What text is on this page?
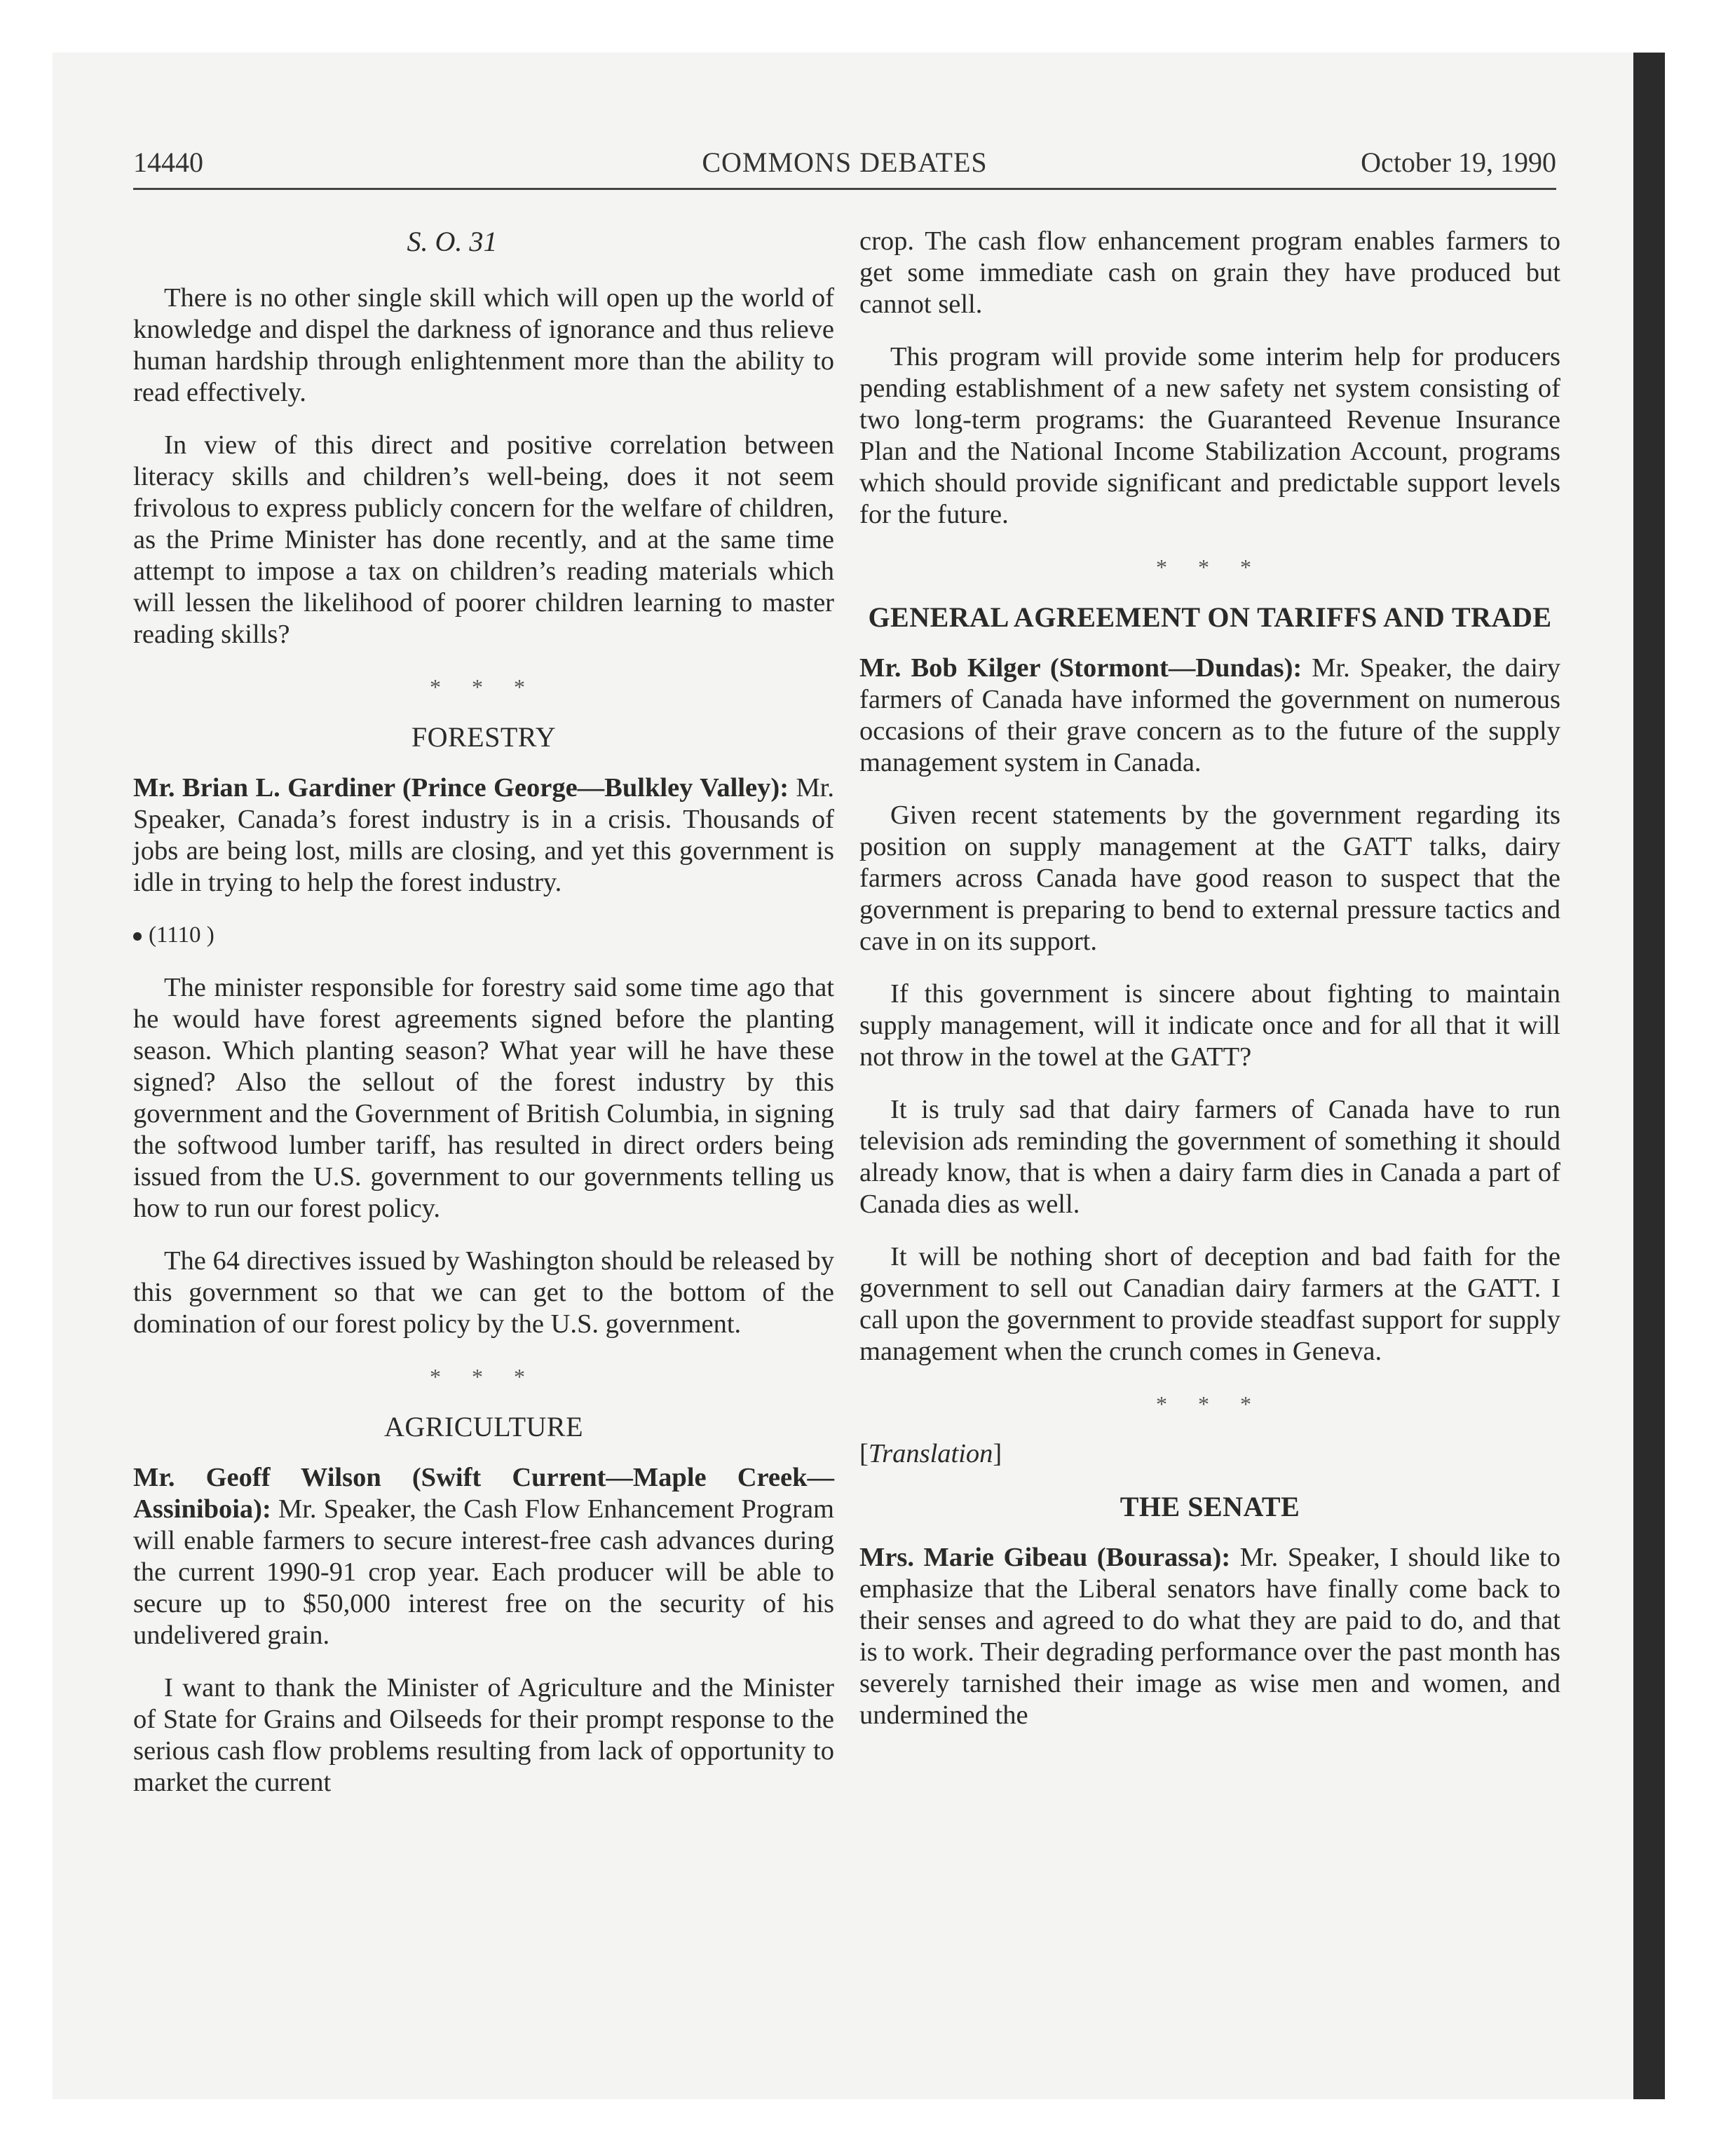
14440	COMMONS DEBATES	October 19, 1990
S. O. 31

There is no other single skill which will open up the world of knowledge and dispel the darkness of ignorance and thus relieve human hardship through enlightenment more than the ability to read effectively.

In view of this direct and positive correlation between literacy skills and children’s well-being, does it not seem frivolous to express publicly concern for the welfare of children, as the Prime Minister has done recently, and at the same time attempt to impose a tax on children’s reading materials which will lessen the likelihood of poorer children learning to master reading skills?

* * *
FORESTRY

Mr. Brian L. Gardiner (Prince George—Bulkley Valley): Mr. Speaker, Canada’s forest industry is in a crisis. Thousands of jobs are being lost, mills are closing, and yet this government is idle in trying to help the forest industry.

(1110 )

The minister responsible for forestry said some time ago that he would have forest agreements signed before the planting season. Which planting season? What year will he have these signed? Also the sellout of the forest industry by this government and the Government of British Columbia, in signing the softwood lumber tariff, has resulted in direct orders being issued from the U.S. government to our governments telling us how to run our forest policy.

The 64 directives issued by Washington should be released by this government so that we can get to the bottom of the domination of our forest policy by the U.S. government.

* * *
AGRICULTURE

Mr. Geoff Wilson (Swift Current—Maple Creek—Assiniboia): Mr. Speaker, the Cash Flow Enhancement Program will enable farmers to secure interest-free cash advances during the current 1990-91 crop year. Each producer will be able to secure up to $50,000 interest free on the security of his undelivered grain.

I want to thank the Minister of Agriculture and the Minister of State for Grains and Oilseeds for their prompt response to the serious cash flow problems resulting from lack of opportunity to market the current

crop. The cash flow enhancement program enables farmers to get some immediate cash on grain they have produced but cannot sell.

This program will provide some interim help for producers pending establishment of a new safety net system consisting of two long-term programs: the Guaranteed Revenue Insurance Plan and the National Income Stabilization Account, programs which should provide significant and predictable support levels for the future.

* * *
GENERAL AGREEMENT ON TARIFFS AND TRADE

Mr. Bob Kilger (Stormont—Dundas): Mr. Speaker, the dairy farmers of Canada have informed the government on numerous occasions of their grave concern as to the future of the supply management system in Canada.

Given recent statements by the government regarding its position on supply management at the GATT talks, dairy farmers across Canada have good reason to suspect that the government is preparing to bend to external pressure tactics and cave in on its support.

If this government is sincere about fighting to maintain supply management, will it indicate once and for all that it will not throw in the towel at the GATT?

It is truly sad that dairy farmers of Canada have to run television ads reminding the government of something it should already know, that is when a dairy farm dies in Canada a part of Canada dies as well.

It will be nothing short of deception and bad faith for the government to sell out Canadian dairy farmers at the GATT. I call upon the government to provide steadfast support for supply management when the crunch comes in Geneva.

* * *
[Translation]
THE SENATE

Mrs. Marie Gibeau (Bourassa): Mr. Speaker, I should like to emphasize that the Liberal senators have finally come back to their senses and agreed to do what they are paid to do, and that is to work. Their degrading performance over the past month has severely tarnished their image as wise men and women, and undermined the
